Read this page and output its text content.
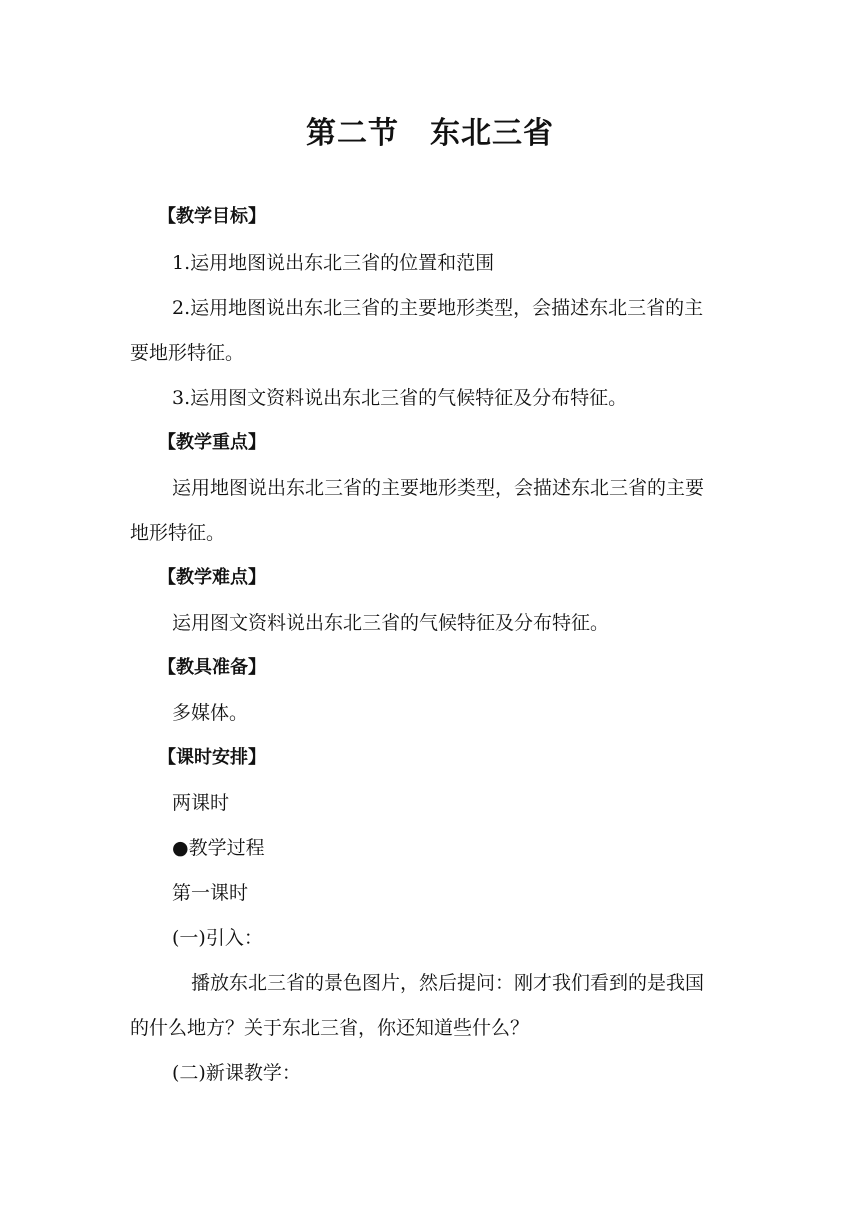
第二节　东北三省
【教学目标】
1.运用地图说出东北三省的位置和范围
2.运用地图说出东北三省的主要地形类型，会描述东北三省的主
要地形特征。
3.运用图文资料说出东北三省的气候特征及分布特征。
【教学重点】
运用地图说出东北三省的主要地形类型，会描述东北三省的主要
地形特征。
【教学难点】
运用图文资料说出东北三省的气候特征及分布特征。
【教具准备】
多媒体。
【课时安排】
两课时
●教学过程
第一课时
(一)引入：
播放东北三省的景色图片，然后提问：刚才我们看到的是我国
的什么地方？关于东北三省，你还知道些什么？
(二)新课教学：
